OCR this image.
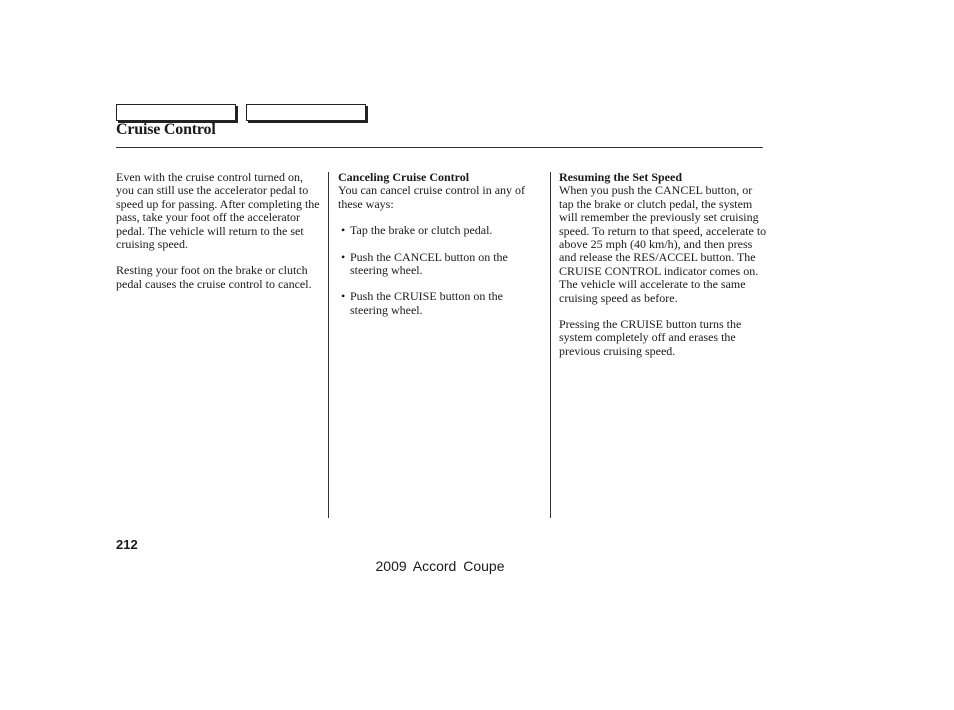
Cruise Control

Even with the cruise control turned on, you can still use the accelerator pedal to speed up for passing. After completing the pass, take your foot off the accelerator pedal. The vehicle will return to the set cruising speed.

Resting your foot on the brake or clutch pedal causes the cruise control to cancel.

Canceling Cruise Control

You can cancel cruise control in any of these ways:

• Tap the brake or clutch pedal.
• Push the CANCEL button on the steering wheel.
• Push the CRUISE button on the steering wheel.

Resuming the Set Speed

When you push the CANCEL button, or tap the brake or clutch pedal, the system will remember the previously set cruising speed. To return to that speed, accelerate to above 25 mph (40 km/h), and then press and release the RES/ACCEL button. The CRUISE CONTROL indicator comes on. The vehicle will accelerate to the same cruising speed as before.

Pressing the CRUISE button turns the system completely off and erases the previous cruising speed.

212
2009 Accord Coupe
